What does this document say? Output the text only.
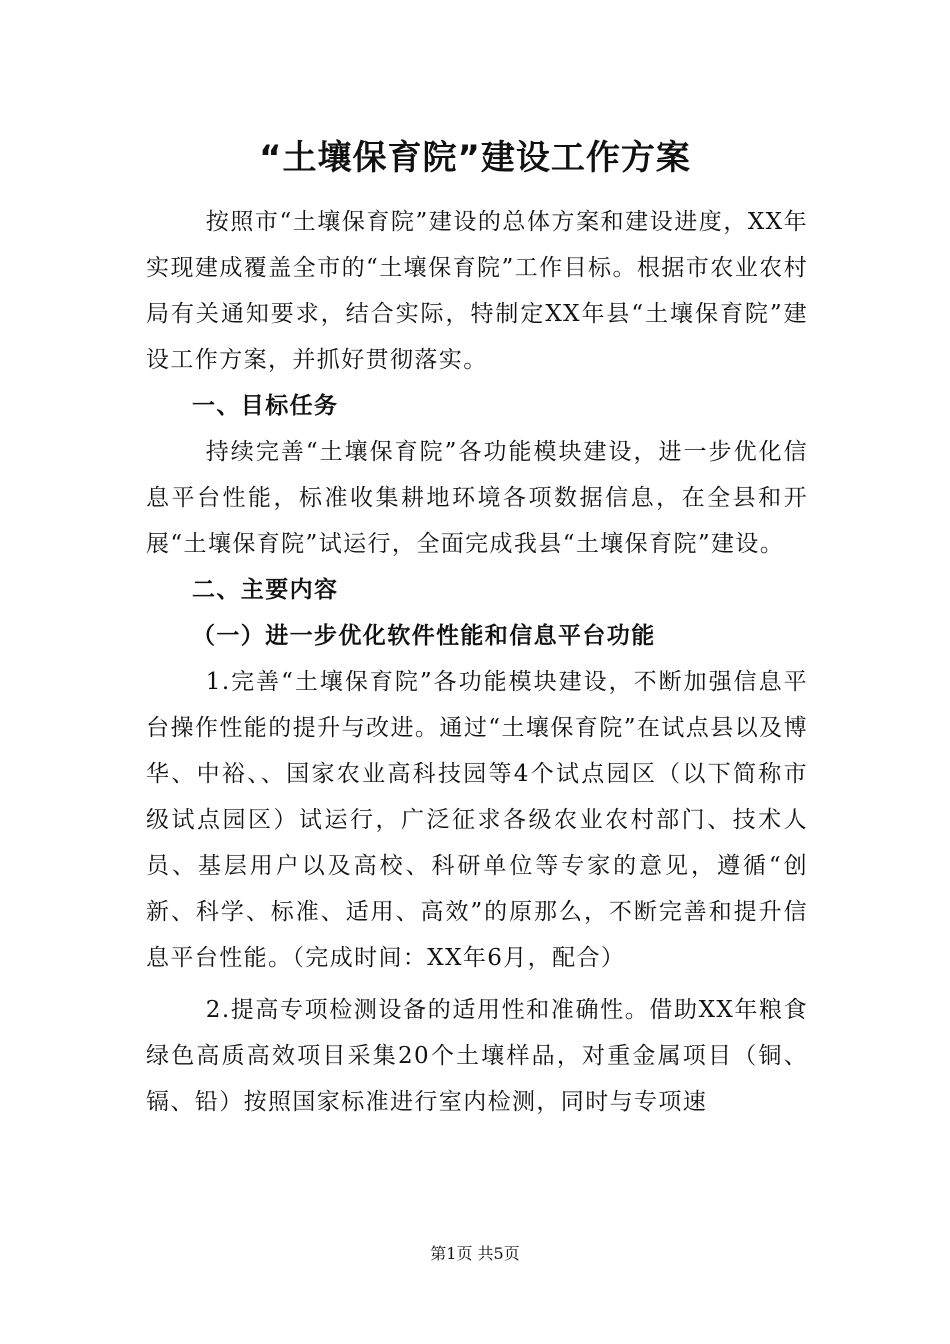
“土壤保育院”建设工作方案

按照市“土壤保育院”建设的总体方案和建设进度，XX年实现建成覆盖全市的“土壤保育院”工作目标。根据市农业农村局有关通知要求，结合实际，特制定XX年县“土壤保育院”建设工作方案，并抓好贯彻落实。

一、目标任务

持续完善“土壤保育院”各功能模块建设，进一步优化信息平台性能，标准收集耕地环境各项数据信息，在全县和开展“土壤保育院”试运行，全面完成我县“土壤保育院”建设。

二、主要内容

（一）进一步优化软件性能和信息平台功能

1.完善“土壤保育院”各功能模块建设，不断加强信息平台操作性能的提升与改进。通过“土壤保育院”在试点县以及博华、中裕、、国家农业高科技园等4个试点园区（以下简称市级试点园区）试运行，广泛征求各级农业农村部门、技术人员、基层用户以及高校、科研单位等专家的意见，遵循“创新、科学、标准、适用、高效”的原那么，不断完善和提升信息平台性能。（完成时间：XX年6月，配合）

2.提高专项检测设备的适用性和准确性。借助XX年粮食绿色高质高效项目采集20个土壤样品，对重金属项目（铜、镉、铅）按照国家标准进行室内检测，同时与专项速

第1页 共5页
